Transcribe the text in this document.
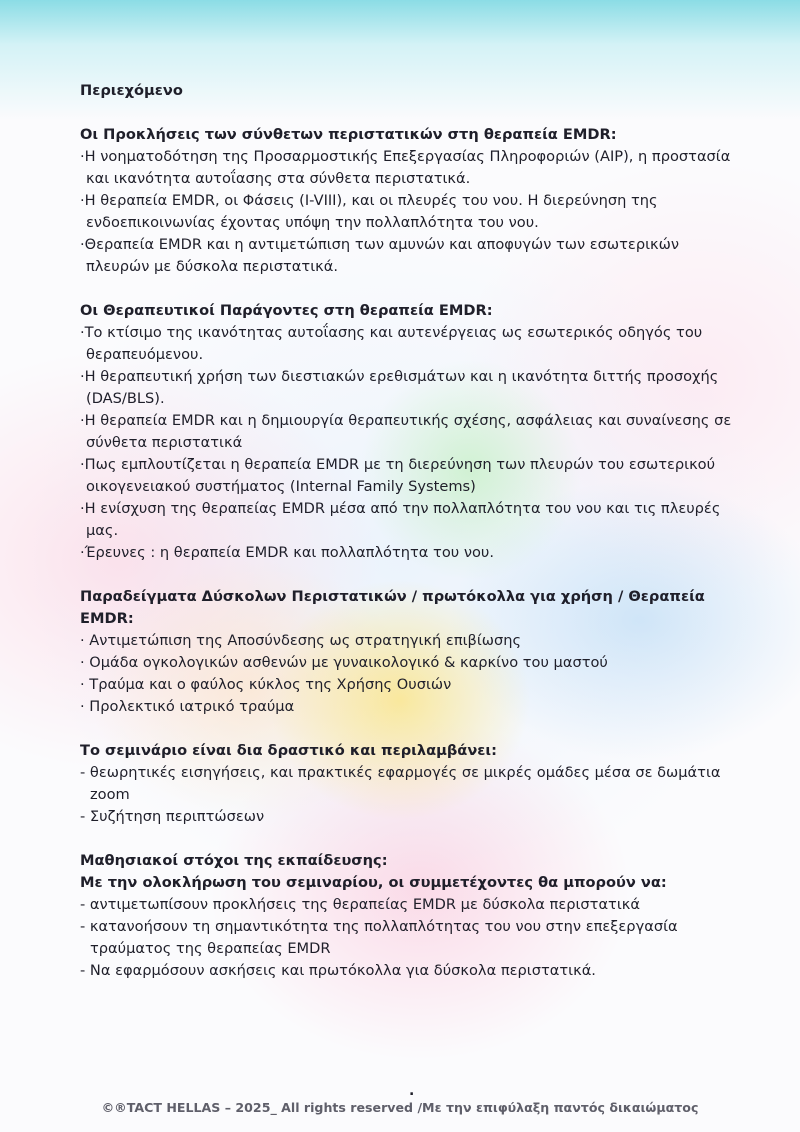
Περιεχόμενο
Οι Προκλήσεις των σύνθετων περιστατικών στη θεραπεία EMDR:
·Η νοηματοδότηση της Προσαρμοστικής Επεξεργασίας Πληροφοριών (AIP), η προστασία και ικανότητα αυτοΐασης στα σύνθετα περιστατικά.
·Η θεραπεία EMDR, οι Φάσεις (I-VIII), και οι πλευρές του νου. Η διερεύνηση της ενδοεπικοινωνίας έχοντας υπόψη την πολλαπλότητα του νου.
·Θεραπεία EMDR και η αντιμετώπιση των αμυνών και αποφυγών των εσωτερικών πλευρών με δύσκολα περιστατικά.
Οι Θεραπευτικοί Παράγοντες στη θεραπεία EMDR:
·Το κτίσιμο της ικανότητας αυτοΐασης και αυτενέργειας ως εσωτερικός οδηγός του θεραπευόμενου.
·Η θεραπευτική χρήση των διεστιακών ερεθισμάτων και η ικανότητα διττής προσοχής (DAS/BLS).
·Η θεραπεία EMDR και η δημιουργία θεραπευτικής σχέσης, ασφάλειας και συναίνεσης σε σύνθετα περιστατικά
·Πως εμπλουτίζεται η θεραπεία EMDR με τη διερεύνηση των πλευρών του εσωτερικού οικογενειακού συστήματος (Internal Family Systems)
·Η ενίσχυση της θεραπείας EMDR μέσα από την πολλαπλότητα του νου και τις πλευρές μας.
·Έρευνες : η θεραπεία EMDR και πολλαπλότητα του νου.
Παραδείγματα Δύσκολων Περιστατικών / πρωτόκολλα για χρήση / Θεραπεία EMDR:
· Αντιμετώπιση της Αποσύνδεσης ως στρατηγική επιβίωσης
· Ομάδα ογκολογικών ασθενών με γυναικολογικό & καρκίνο του μαστού
· Τραύμα και ο φαύλος κύκλος της Χρήσης Ουσιών
· Προλεκτικό ιατρικό τραύμα
Το σεμινάριο είναι δια δραστικό και περιλαμβάνει:
- θεωρητικές εισηγήσεις, και πρακτικές εφαρμογές σε μικρές ομάδες μέσα σε δωμάτια zoom
- Συζήτηση περιπτώσεων
Μαθησιακοί στόχοι της εκπαίδευσης:
Με την ολοκλήρωση του σεμιναρίου, οι συμμετέχοντες θα μπορούν να:
- αντιμετωπίσουν προκλήσεις της θεραπείας EMDR με δύσκολα περιστατικά
- κατανοήσουν τη σημαντικότητα της πολλαπλότητας του νου στην επεξεργασία τραύματος της θεραπείας EMDR
- Να εφαρμόσουν ασκήσεις και πρωτόκολλα για δύσκολα περιστατικά.
.
©®TACT HELLAS – 2025_ All rights reserved /Με την επιφύλαξη παντός δικαιώματος
